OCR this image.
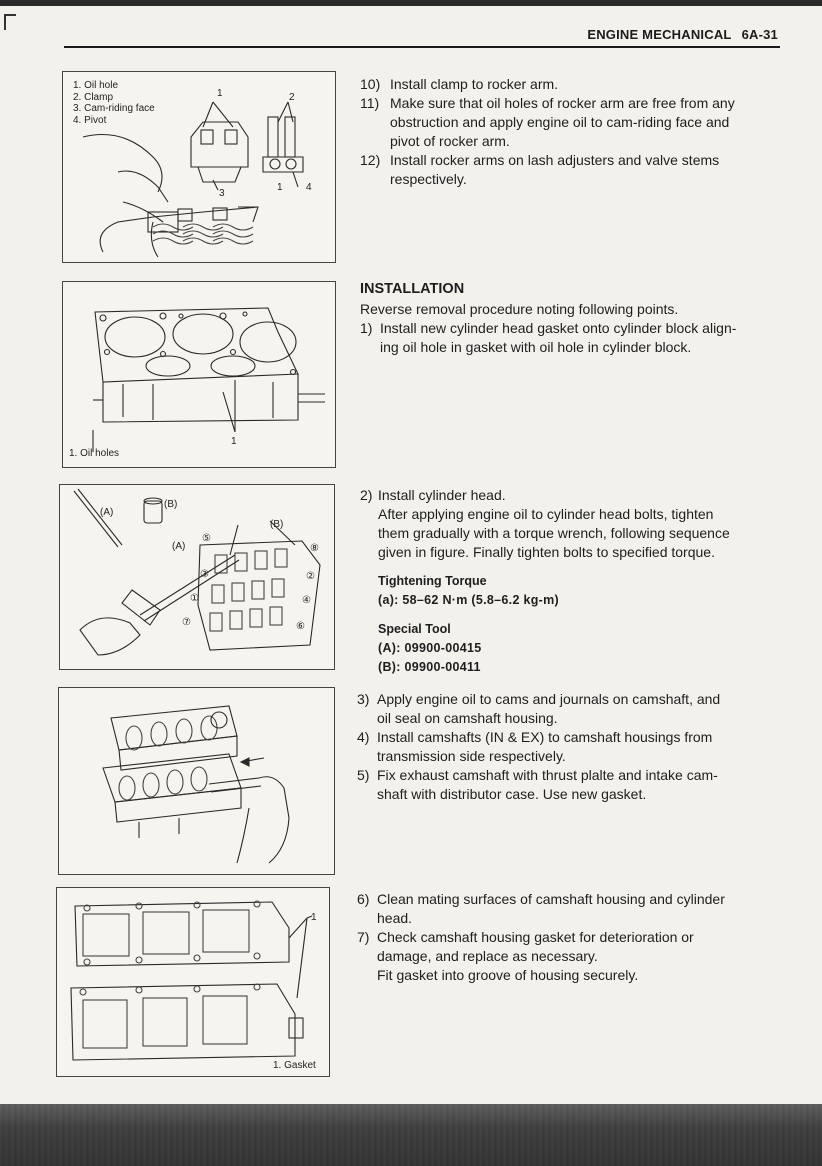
ENGINE MECHANICAL 6A-31
1. Oil hole
2. Clamp
3. Cam-riding face
4. Pivot
1	2
3
1 4
1
1. Oil holes
(A)
(B)
(B)
(A)
⑤
⑧
③	②
①	④
⑦	⑥
1
1. Gasket
10) Install clamp to rocker arm.
11) Make sure that oil holes of rocker arm are free from any
obstruction and apply engine oil to cam-riding face and
pivot of rocker arm.
12) Install rocker arms on lash adjusters and valve stems
respectively.
INSTALLATION
Reverse removal procedure noting following points.
1) Install new cylinder head gasket onto cylinder block align-
ing oil hole in gasket with oil hole in cylinder block.
2) Install cylinder head.
After applying engine oil to cylinder head bolts, tighten
them gradually with a torque wrench, following sequence
given in figure. Finally tighten bolts to specified torque.
Tightening Torque
(a): 58–62 N·m (5.8–6.2 kg-m)
Special Tool
(A): 09900-00415
(B): 09900-00411
3) Apply engine oil to cams and journals on camshaft, and
oil seal on camshaft housing.
4) Install camshafts (IN & EX) to camshaft housings from
transmission side respectively.
5) Fix exhaust camshaft with thrust plalte and intake cam-
shaft with distributor case. Use new gasket.
6) Clean mating surfaces of camshaft housing and cylinder
head.
7) Check camshaft housing gasket for deterioration or
damage, and replace as necessary.
Fit gasket into groove of housing securely.
